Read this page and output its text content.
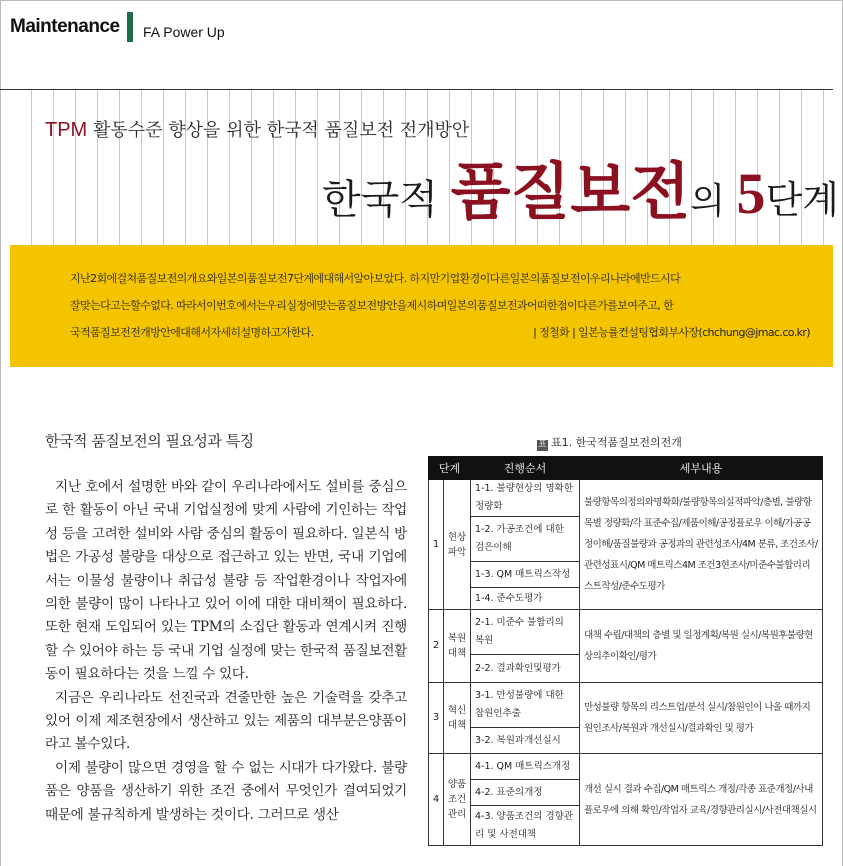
Maintenance FA Power Up
TPM 활동수준 향상을 위한 한국적 품질보전 전개방안
한국적 품질보전의 5단계
지난2회에걸쳐품질보전의개요와일본의품질보전7단계에대해서알아보았다. 하지만기업환경이다른일본의품질보전이우리나라에반드시다
잘맞는다고는할수없다. 따라서이번호에서는우리실정에맞는품질보전방안을제시하며일본의품질보전과어떠한점이다른가를보여주고, 한
국적품질보전전개방안에대해서자세히설명하고자한다.	| 정철화 | 일본능률컨설팅협회부사장(chchung@jmac.co.kr)
한국적 품질보전의 필요성과 특징

지난 호에서 설명한 바와 같이 우리나라에서도 설비를 중심으로 한 활동이 아닌 국내 기업실정에 맞게 사람에 기인하는 작업성 등을 고려한 설비와 사람 중심의 활동이 필요하다. 일본식 방법은 가공성 불량을 대상으로 접근하고 있는 반면, 국내 기업에서는 이물성 불량이나 취급성 불량 등 작업환경이나 작업자에 의한 불량이 많이 나타나고 있어 이에 대한 대비책이 필요하다. 또한 현재 도입되어 있는 TPM의 소집단 활동과 연계시켜 진행할 수 있어야 하는 등 국내 기업 실정에 맞는 한국적 품질보전활동이 필요하다는 것을 느낄 수 있다.

지금은 우리나라도 선진국과 견줄만한 높은 기술력을 갖추고 있어 이제 제조현장에서 생산하고 있는 제품의 대부분은양품이라고 볼수있다.

이제 불량이 많으면 경영을 할 수 없는 시대가 다가왔다. 불량품은 양품을 생산하기 위한 조건 중에서 무엇인가 결여되었기 때문에 불규칙하게 발생하는 것이다. 그러므로 생산

표 표1. 한국적품질보전의전개
단계		진행순서	세부내용
1	현상파악	1-1. 불량현상의 명확한 정량화	불량항목의정의와명확화/불량항목의실적파악/층별, 불량항목별 정량화/각 표준수집/제품이해/공정플로우 이해/가공공정이해/품질불량과 공정과의 관련성조사/4M 분류, 조건조사/관련성표시/QM 매트릭스4M 조건3현조사/미준수불합리리스트작성/준수도평가
		1-2. 가공조건에 대한 검은이해	
		1-3. QM 매트릭스작성	
		1-4. 준수도평가	
2	복원대책	2-1. 미준수 불합리의 복원	대책 수립/대책의 층별 및 일정계획/복원 실시/복원후불량현상의추이확인/평가
		2-2. 결과확인및평가	
3	혁신대책	3-1. 만성불량에 대한 참원인추출	만성불량 항목의 리스트업/분석 실시/참원인이 나올 때까지 원인조사/복원과 개선실시/결과확인 및 평가
		3-2. 복원과개선실시	
4	양품조건관리	4-1. QM 매트릭스개정	개선 실시 결과 수집/QM 매트릭스 개정/각종 표준개정/사내 플로우에 의해 확인/작업자 교육/경향관리실시/사전대책실시
		4-2. 표준의개정	
		4-3. 양품조건의 경향관리 및 사전대책	
